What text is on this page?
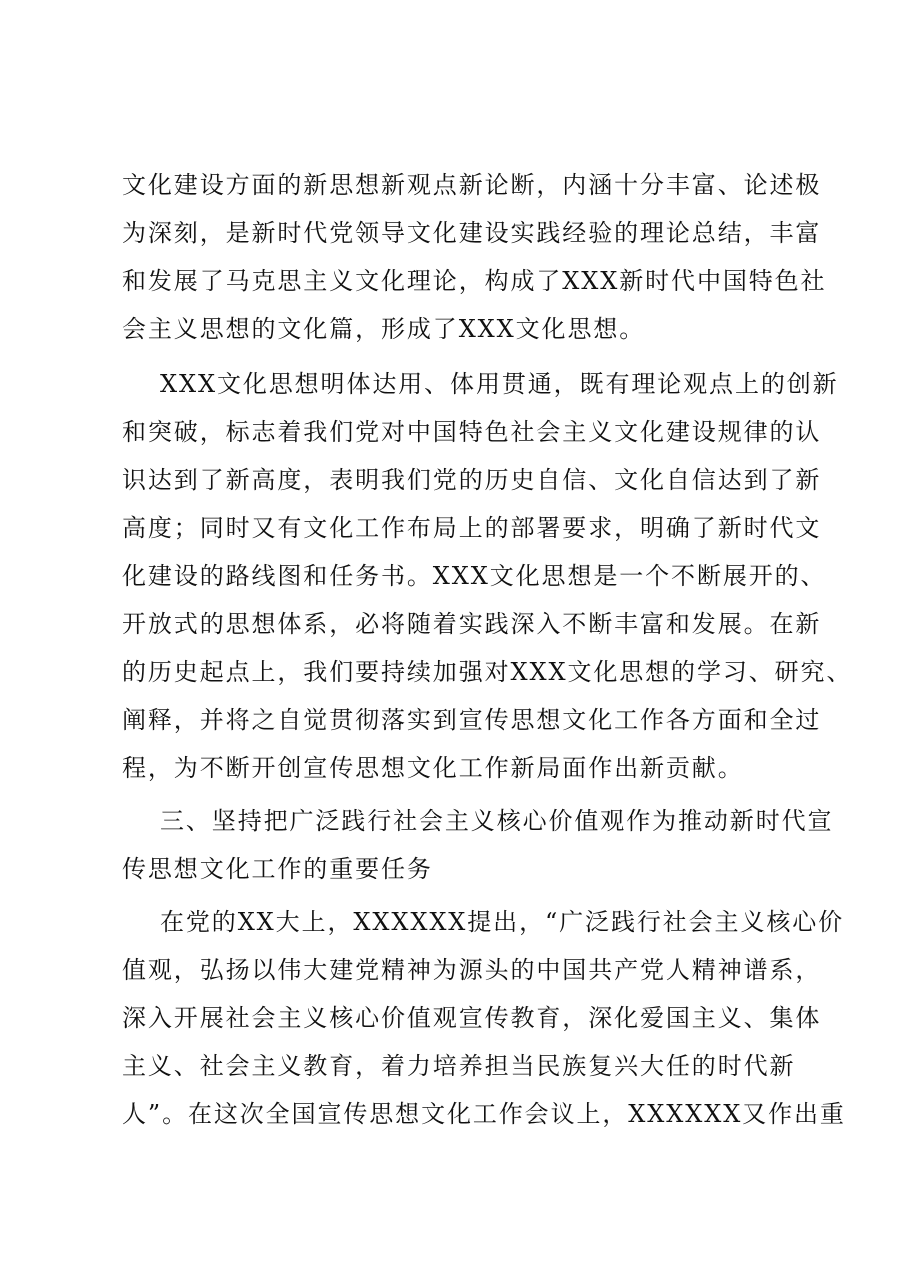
文化建设方面的新思想新观点新论断，内涵十分丰富、论述极
为深刻，是新时代党领导文化建设实践经验的理论总结，丰富
和发展了马克思主义文化理论，构成了XXX新时代中国特色社
会主义思想的文化篇，形成了XXX文化思想。
XXX文化思想明体达用、体用贯通，既有理论观点上的创新
和突破，标志着我们党对中国特色社会主义文化建设规律的认
识达到了新高度，表明我们党的历史自信、文化自信达到了新
高度；同时又有文化工作布局上的部署要求，明确了新时代文
化建设的路线图和任务书。XXX文化思想是一个不断展开的、
开放式的思想体系，必将随着实践深入不断丰富和发展。在新
的历史起点上，我们要持续加强对XXX文化思想的学习、研究、
阐释，并将之自觉贯彻落实到宣传思想文化工作各方面和全过
程，为不断开创宣传思想文化工作新局面作出新贡献。
三、坚持把广泛践行社会主义核心价值观作为推动新时代宣
传思想文化工作的重要任务
在党的XX大上，XXXXXX提出，“广泛践行社会主义核心价
值观，弘扬以伟大建党精神为源头的中国共产党人精神谱系，
深入开展社会主义核心价值观宣传教育，深化爱国主义、集体
主义、社会主义教育，着力培养担当民族复兴大任的时代新
人”。在这次全国宣传思想文化工作会议上，XXXXXX又作出重
